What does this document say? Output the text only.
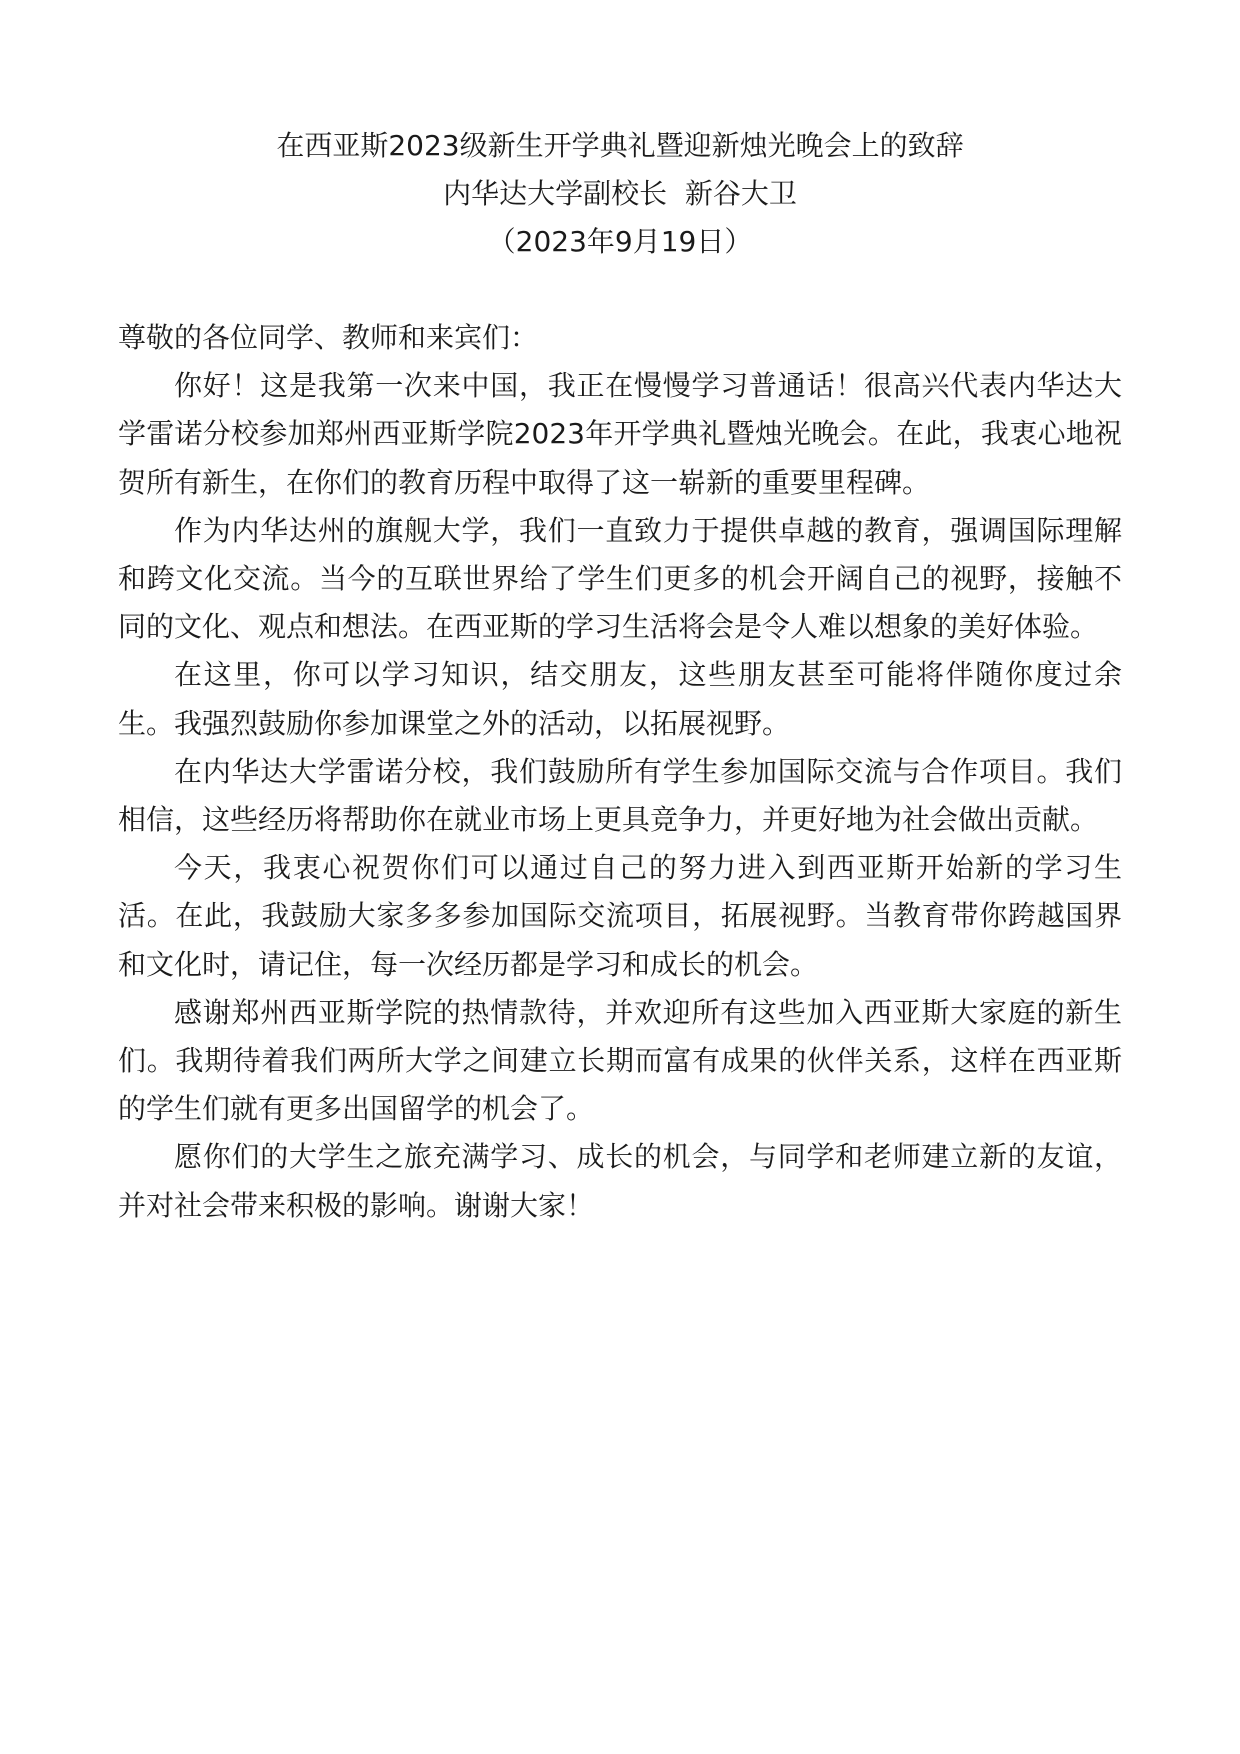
在西亚斯2023级新生开学典礼暨迎新烛光晚会上的致辞
内华达大学副校长  新谷大卫
（2023年9月19日）

尊敬的各位同学、教师和来宾们：

你好！这是我第一次来中国，我正在慢慢学习普通话！很高兴代表内华达大学雷诺分校参加郑州西亚斯学院2023年开学典礼暨烛光晚会。在此，我衷心地祝贺所有新生，在你们的教育历程中取得了这一崭新的重要里程碑。

作为内华达州的旗舰大学，我们一直致力于提供卓越的教育，强调国际理解和跨文化交流。当今的互联世界给了学生们更多的机会开阔自己的视野，接触不同的文化、观点和想法。在西亚斯的学习生活将会是令人难以想象的美好体验。

在这里，你可以学习知识，结交朋友，这些朋友甚至可能将伴随你度过余生。我强烈鼓励你参加课堂之外的活动，以拓展视野。

在内华达大学雷诺分校，我们鼓励所有学生参加国际交流与合作项目。我们相信，这些经历将帮助你在就业市场上更具竞争力，并更好地为社会做出贡献。

今天，我衷心祝贺你们可以通过自己的努力进入到西亚斯开始新的学习生活。在此，我鼓励大家多多参加国际交流项目，拓展视野。当教育带你跨越国界和文化时，请记住，每一次经历都是学习和成长的机会。

感谢郑州西亚斯学院的热情款待，并欢迎所有这些加入西亚斯大家庭的新生们。我期待着我们两所大学之间建立长期而富有成果的伙伴关系，这样在西亚斯的学生们就有更多出国留学的机会了。

愿你们的大学生之旅充满学习、成长的机会，与同学和老师建立新的友谊，并对社会带来积极的影响。谢谢大家！
